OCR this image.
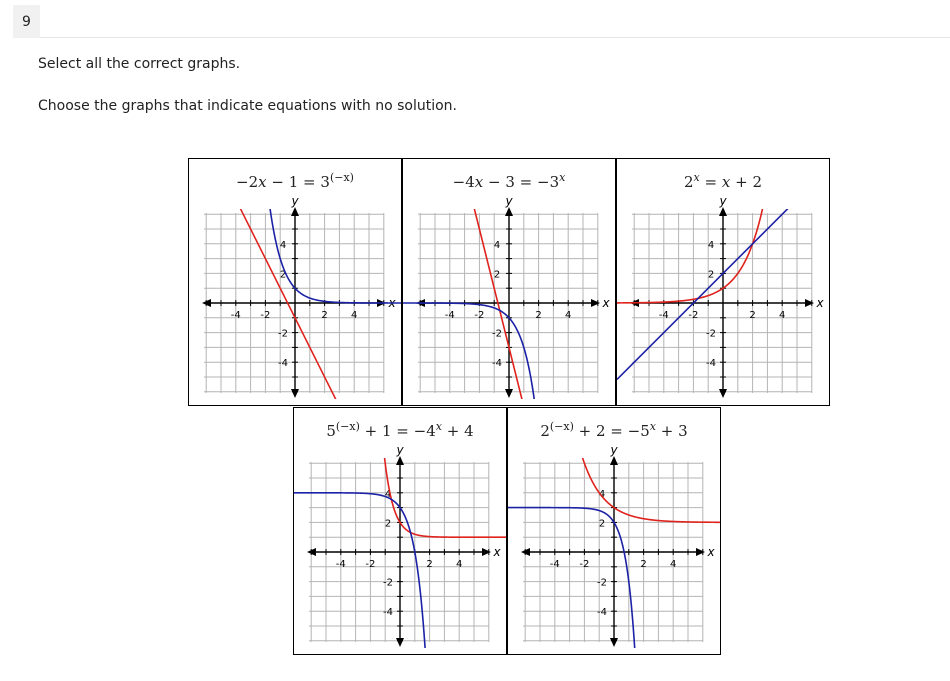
9
Select all the correct graphs.
Choose the graphs that indicate equations with no solution.
$-2x - 1 = 3^{(-x)}$
-4 -2	2 4
4
2
-2
-4
x
y
$-4x - 3 = -3^x$
-4 -2	2 4
4
2
-2
-4
x
y
$2^x = x + 2$
-4 -2	2 4
4
2
-2
-4
x
y
$5^{(-x)} + 1 = -4^x + 4$
-4 -2	2 4
4
2
-2
-4
x
y
$2^{(-x)} + 2 = -5^x + 3$
-4 -2	2 4
4
2
-2
-4
x
y
